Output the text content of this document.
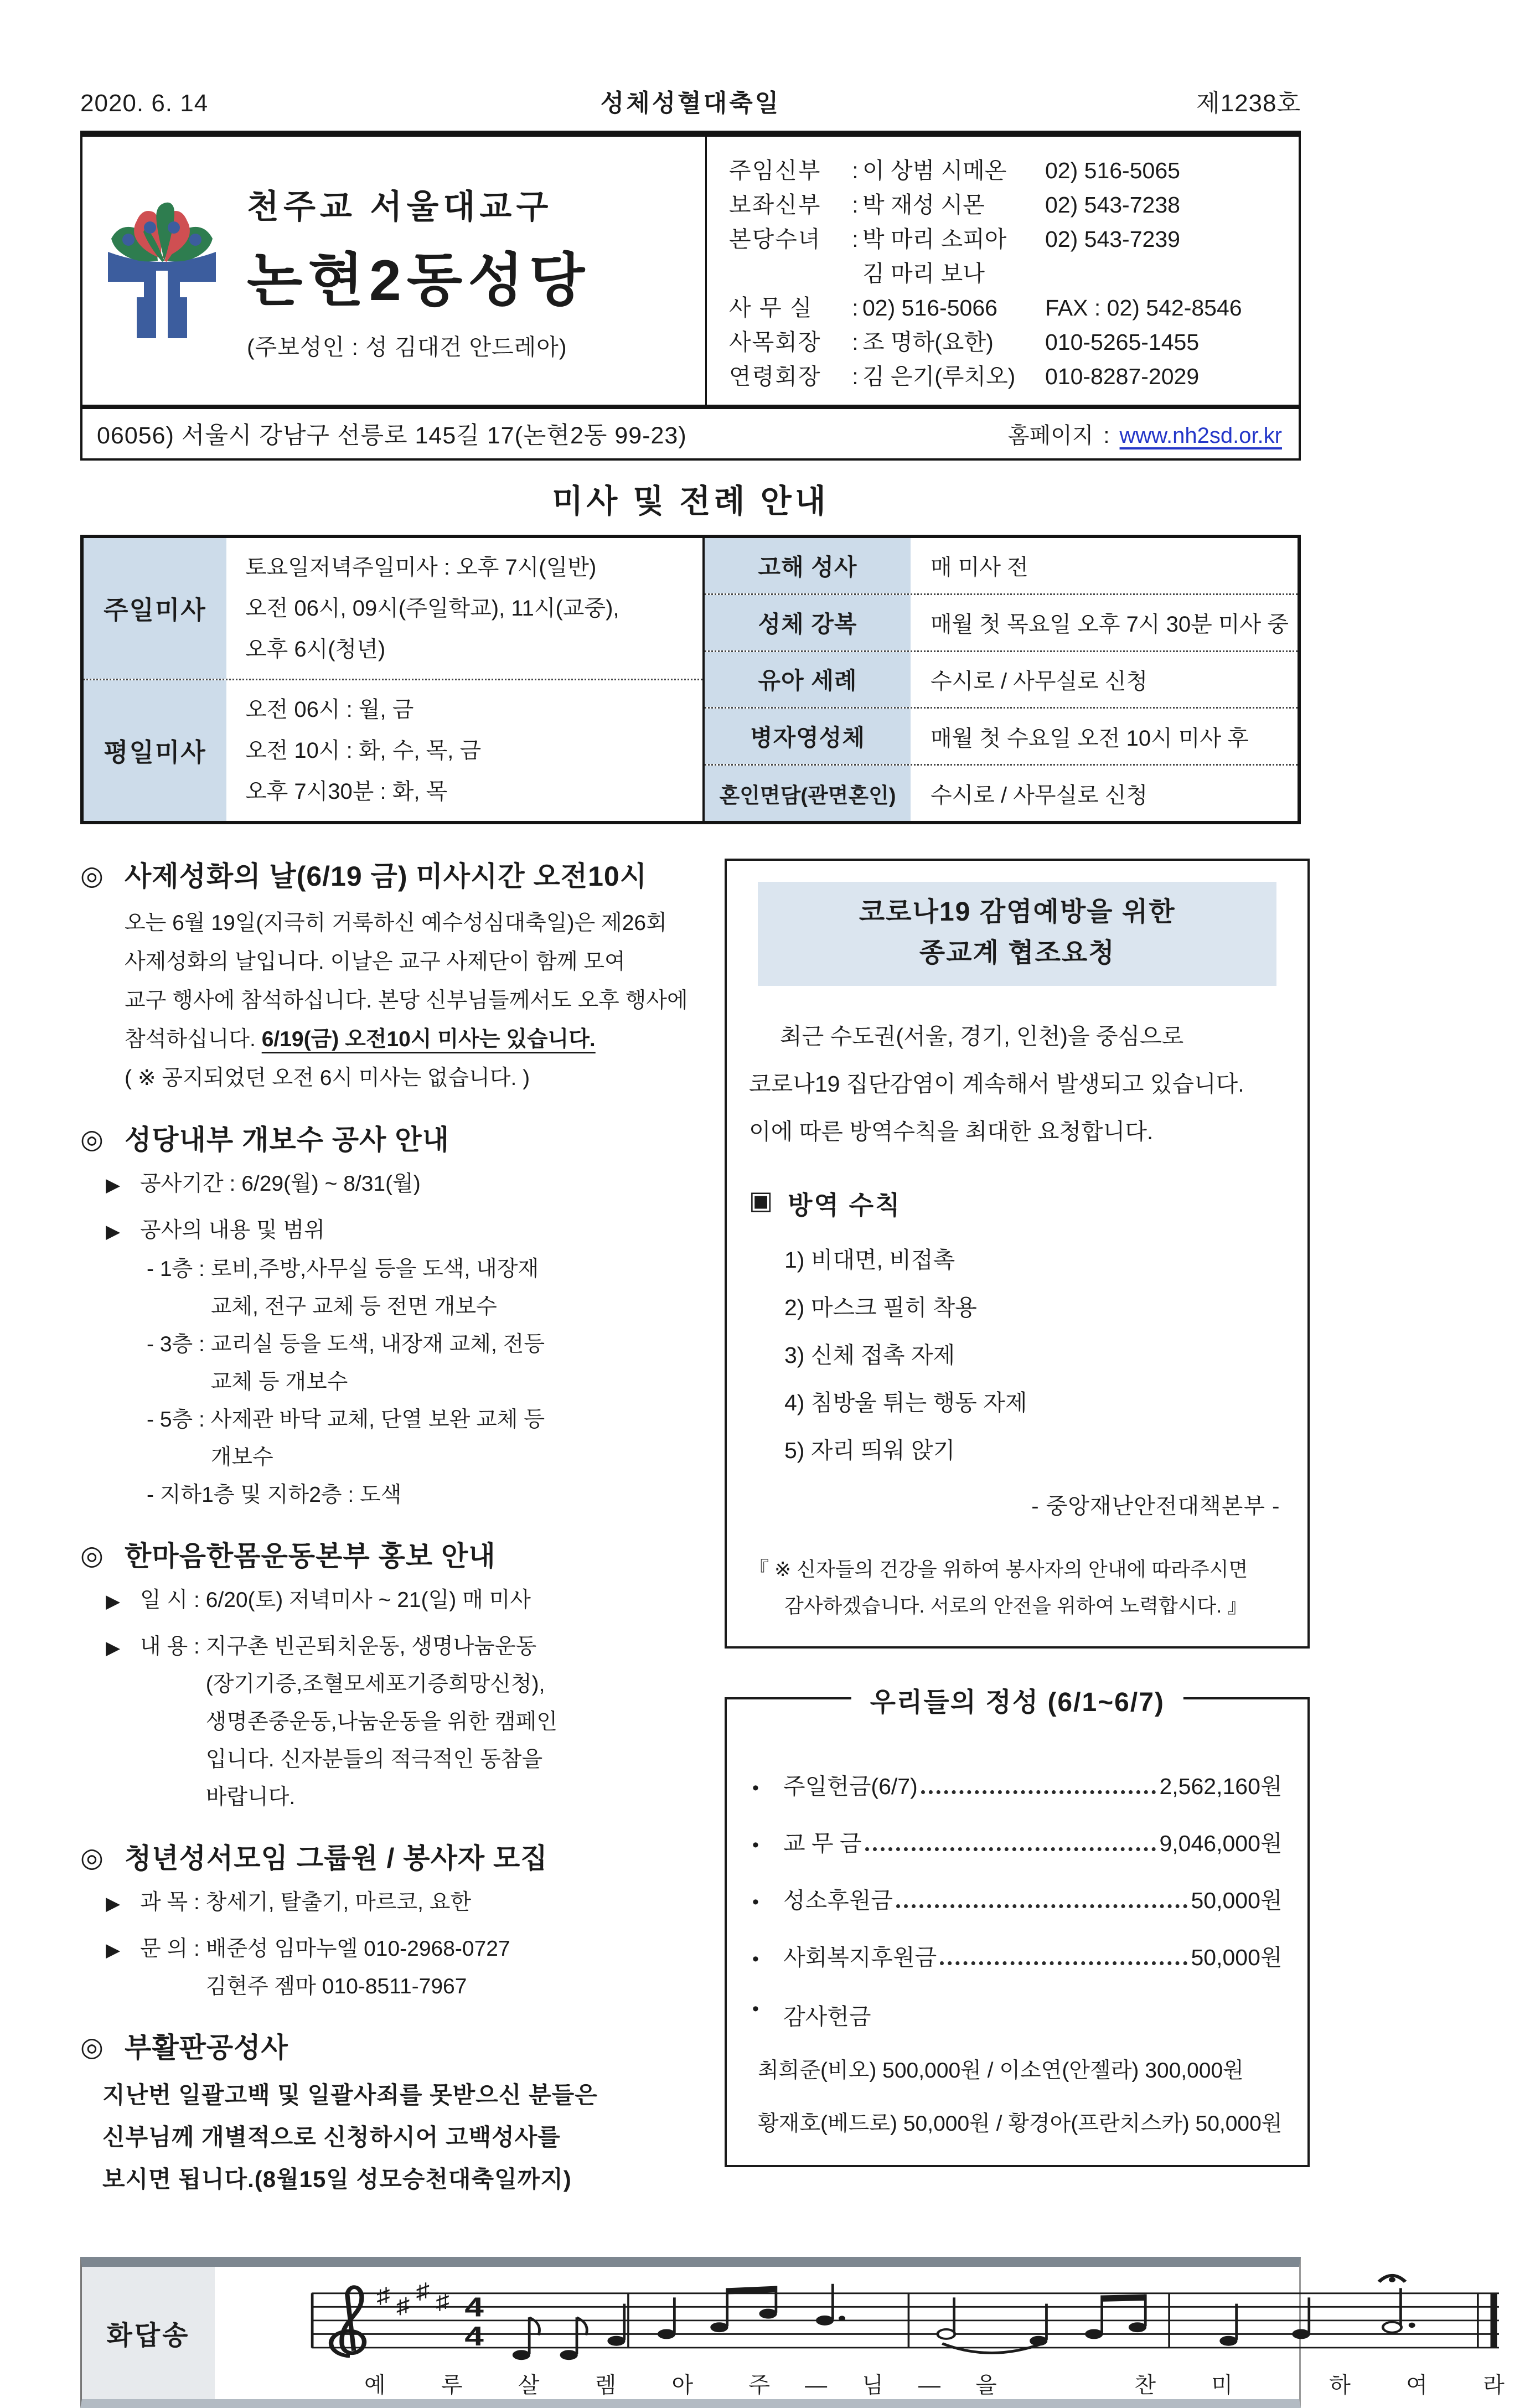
2020. 6. 14	성체성혈대축일	제1238호
천주교 서울대교구
논현2동성당
(주보성인 : 성 김대건 안드레아)
주임신부	: 이 상범 시메온	02) 516-5065
보좌신부	: 박 재성 시몬	02) 543-7238
본당수녀	: 박 마리 소피아	02) 543-7239
김 마리 보나
사 무 실	: 02) 516-5066	FAX : 02) 542-8546
사목회장	: 조 명하(요한)	010-5265-1455
연령회장	: 김 은기(루치오)	010-8287-2029
06056) 서울시 강남구 선릉로 145길 17(논현2동 99-23)	홈페이지 : www.nh2sd.or.kr
미사 및 전례 안내
주일미사
토요일저녁주일미사 : 오후 7시(일반)
오전 06시, 09시(주일학교), 11시(교중),
오후 6시(청년)
평일미사
오전 06시 : 월, 금
오전 10시 : 화, 수, 목, 금
오후 7시30분 : 화, 목
고해 성사	매 미사 전
성체 강복	매월 첫 목요일 오후 7시 30분 미사 중
유아 세례	수시로 / 사무실로 신청
병자영성체	매월 첫 수요일 오전 10시 미사 후
혼인면담(관면혼인)	수시로 / 사무실로 신청
◎ 사제성화의 날(6/19 금) 미사시간 오전10시
오는 6월 19일(지극히 거룩하신 예수성심대축일)은 제26회
사제성화의 날입니다. 이날은 교구 사제단이 함께 모여
교구 행사에 참석하십니다. 본당 신부님들께서도 오후 행사에
참석하십니다. 6/19(금) 오전10시 미사는 있습니다.
( ※ 공지되었던 오전 6시 미사는 없습니다. )
◎ 성당내부 개보수 공사 안내
▶ 공사기간 : 6/29(월) ~ 8/31(월)
▶ 공사의 내용 및 범위
- 1층 : 로비,주방,사무실 등을 도색, 내장재
교체, 전구 교체 등 전면 개보수
- 3층 : 교리실 등을 도색, 내장재 교체, 전등
교체 등 개보수
- 5층 : 사제관 바닥 교체, 단열 보완 교체 등
개보수
- 지하1층 및 지하2층 : 도색
◎ 한마음한몸운동본부 홍보 안내
▶ 일 시 : 6/20(토) 저녁미사 ~ 21(일) 매 미사
▶ 내 용 : 지구촌 빈곤퇴치운동, 생명나눔운동
(장기기증,조혈모세포기증희망신청),
생명존중운동,나눔운동을 위한 캠페인
입니다. 신자분들의 적극적인 동참을
바랍니다.
◎ 청년성서모임 그룹원 / 봉사자 모집
▶ 과 목 : 창세기, 탈출기, 마르코, 요한
▶ 문 의 : 배준성 임마누엘 010-2968-0727
김현주 젬마 010-8511-7967
◎ 부활판공성사
지난번 일괄고백 및 일괄사죄를 못받으신 분들은
신부님께 개별적으로 신청하시어 고백성사를
보시면 됩니다.(8월15일 성모승천대축일까지)
코로나19 감염예방을 위한
종교계 협조요청
최근 수도권(서울, 경기, 인천)을 중심으로
코로나19 집단감염이 계속해서 발생되고 있습니다.
이에 따른 방역수칙을 최대한 요청합니다.
▣ 방역 수칙
1) 비대면, 비접촉
2) 마스크 필히 착용
3) 신체 접촉 자제
4) 침방울 튀는 행동 자제
5) 자리 띄워 앉기
- 중앙재난안전대책본부 -
『 ※ 신자들의 건강을 위하여 봉사자의 안내에 따라주시면
감사하겠습니다. 서로의 안전을 위하여 노력합시다. 』
우리들의 정성 (6/1~6/7)
•	주일헌금(6/7)	2,562,160원
•	교 무 금	9,046,000원
•	성소후원금	50,000원
•	사회복지후원금	50,000원
•	감사헌금
최희준(비오) 500,000원 / 이소연(안젤라) 300,000원
황재호(베드로) 50,000원 / 황경아(프란치스카) 50,000원
화답송
♯ ♯
♯ ♯ 4
4
예  루  살  렘  아  주 — 님 — 을      찬  미    하  여  라
